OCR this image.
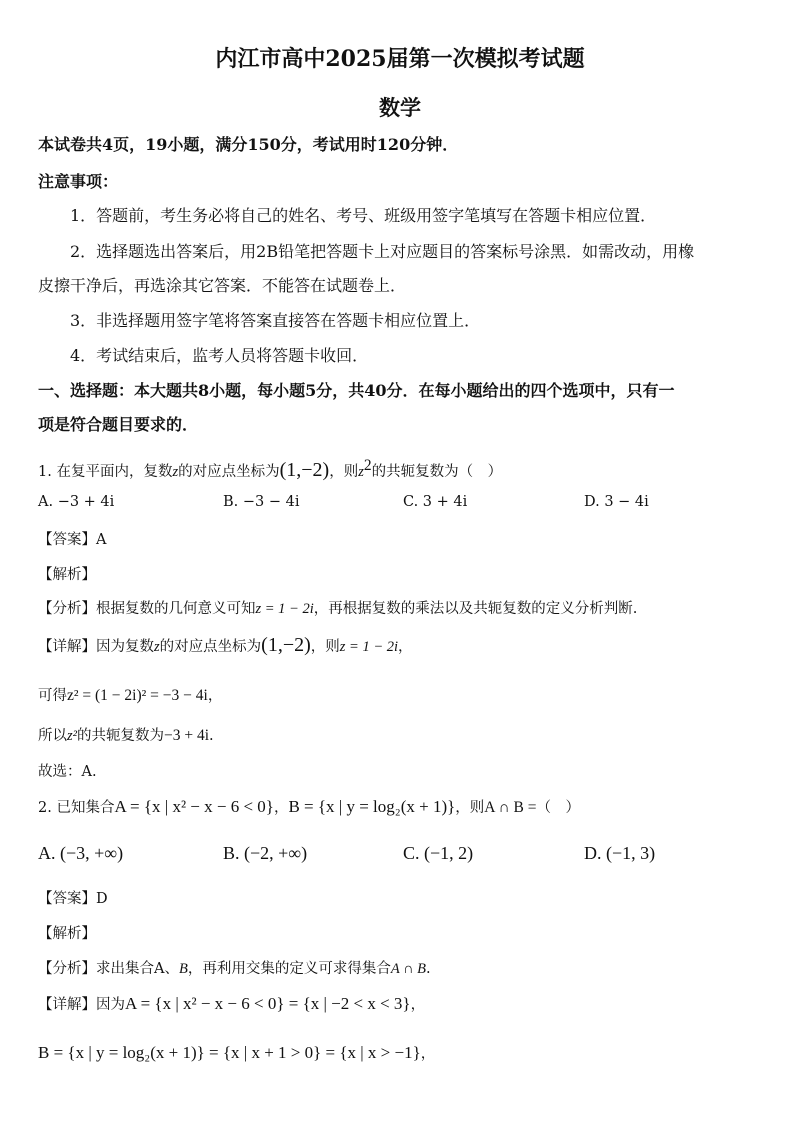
内江市高中2025届第一次模拟考试题
数学
本试卷共4页，19小题，满分150分，考试用时120分钟．
注意事项：
1．答题前，考生务必将自己的姓名、考号、班级用签字笔填写在答题卡相应位置．
2．选择题选出答案后，用2B铅笔把答题卡上对应题目的答案标号涂黑．如需改动，用橡
皮擦干净后，再选涂其它答案．不能答在试题卷上．
3．非选择题用签字笔将答案直接答在答题卡相应位置上．
4．考试结束后，监考人员将答题卡收回．
一、选择题：本大题共8小题，每小题5分，共40分．在每小题给出的四个选项中，只有一
项是符合题目要求的．
1. 在复平面内，复数z的对应点坐标为(1,−2)，则$z^2$的共轭复数为（　）
A. −3 + 4i	B. −3 − 4i	C. 3 + 4i	D. 3 − 4i
【答案】A
【解析】
【分析】根据复数的几何意义可知z = 1 − 2i，再根据复数的乘法以及共轭复数的定义分析判断.
【详解】因为复数z的对应点坐标为(1,−2)，则z = 1 − 2i，
可得z² = (1 − 2i)² = −3 − 4i，
所以z²的共轭复数为−3 + 4i.
故选：A.
2. 已知集合A = {x | x² − x − 6 < 0}，B = {x | y = log₂(x + 1)}，则A ∩ B =（　）
A. (−3, +∞)	B. (−2, +∞)	C. (−1, 2)	D. (−1, 3)
【答案】D
【解析】
【分析】求出集合A、B，再利用交集的定义可求得集合A ∩ B.
【详解】因为A = {x | x² − x − 6 < 0} = {x | −2 < x < 3}，
B = {x | y = log₂(x + 1)} = {x | x + 1 > 0} = {x | x > −1}，
